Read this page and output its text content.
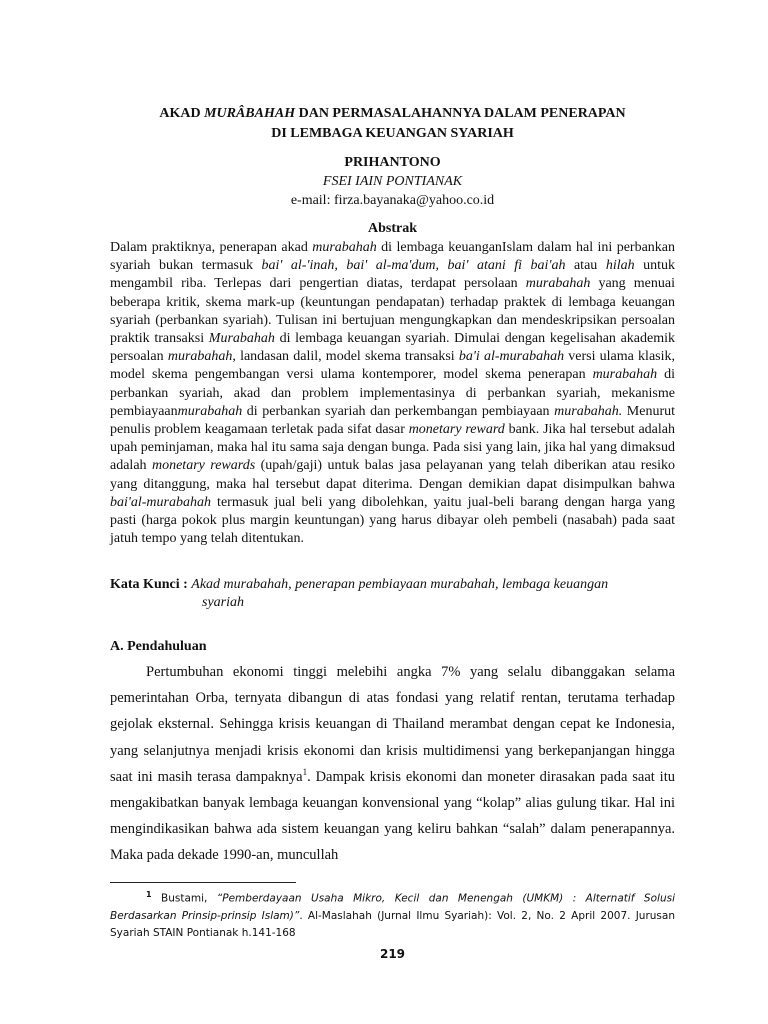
AKAD MURÂBAHAH DAN PERMASALAHANNYA DALAM PENERAPAN
DI LEMBAGA KEUANGAN SYARIAH
PRIHANTONO
FSEI IAIN PONTIANAK
e-mail: firza.bayanaka@yahoo.co.id
Abstrak
Dalam praktiknya, penerapan akad murabahah di lembaga keuanganIslam dalam hal ini perbankan syariah bukan termasuk bai' al-'inah, bai' al-ma'dum, bai' atani fi bai'ah atau hilah untuk mengambil riba. Terlepas dari pengertian diatas, terdapat persolaan murabahah yang menuai beberapa kritik, skema mark-up (keuntungan pendapatan) terhadap praktek di lembaga keuangan syariah (perbankan syariah). Tulisan ini bertujuan mengungkapkan dan mendeskripsikan persoalan praktik transaksi Murabahah di lembaga keuangan syariah. Dimulai dengan kegelisahan akademik persoalan murabahah, landasan dalil, model skema transaksi ba'i al-murabahah versi ulama klasik, model skema pengembangan versi ulama kontemporer, model skema penerapan murabahah di perbankan syariah, akad dan problem implementasinya di perbankan syariah, mekanisme pembiayaanmurabahah di perbankan syariah dan perkembangan pembiayaan murabahah. Menurut penulis problem keagamaan terletak pada sifat dasar monetary reward bank. Jika hal tersebut adalah upah peminjaman, maka hal itu sama saja dengan bunga. Pada sisi yang lain, jika hal yang dimaksud adalah monetary rewards (upah/gaji) untuk balas jasa pelayanan yang telah diberikan atau resiko yang ditanggung, maka hal tersebut dapat diterima. Dengan demikian dapat disimpulkan bahwa bai'al-murabahah termasuk jual beli yang dibolehkan, yaitu jual-beli barang dengan harga yang pasti (harga pokok plus margin keuntungan) yang harus dibayar oleh pembeli (nasabah) pada saat jatuh tempo yang telah ditentukan.
Kata Kunci : Akad murabahah, penerapan pembiayaan murabahah, lembaga keuangan
syariah
A. Pendahuluan

Pertumbuhan ekonomi tinggi melebihi angka 7% yang selalu dibanggakan selama pemerintahan Orba, ternyata dibangun di atas fondasi yang relatif rentan, terutama terhadap gejolak eksternal. Sehingga krisis keuangan di Thailand merambat dengan cepat ke Indonesia, yang selanjutnya menjadi krisis ekonomi dan krisis multidimensi yang berkepanjangan hingga saat ini masih terasa dampaknya$^1$. Dampak krisis ekonomi dan moneter dirasakan pada saat itu mengakibatkan banyak lembaga keuangan konvensional yang “kolap” alias gulung tikar. Hal ini mengindikasikan bahwa ada sistem keuangan yang keliru bahkan “salah” dalam penerapannya. Maka pada dekade 1990-an, muncullah

$^1$ Bustami, “Pemberdayaan Usaha Mikro, Kecil dan Menengah (UMKM) : Alternatif Solusi Berdasarkan Prinsip-prinsip Islam)”. Al-Maslahah (Jurnal Ilmu Syariah): Vol. 2, No. 2 April 2007. Jurusan Syariah STAIN Pontianak h.141-168
219
